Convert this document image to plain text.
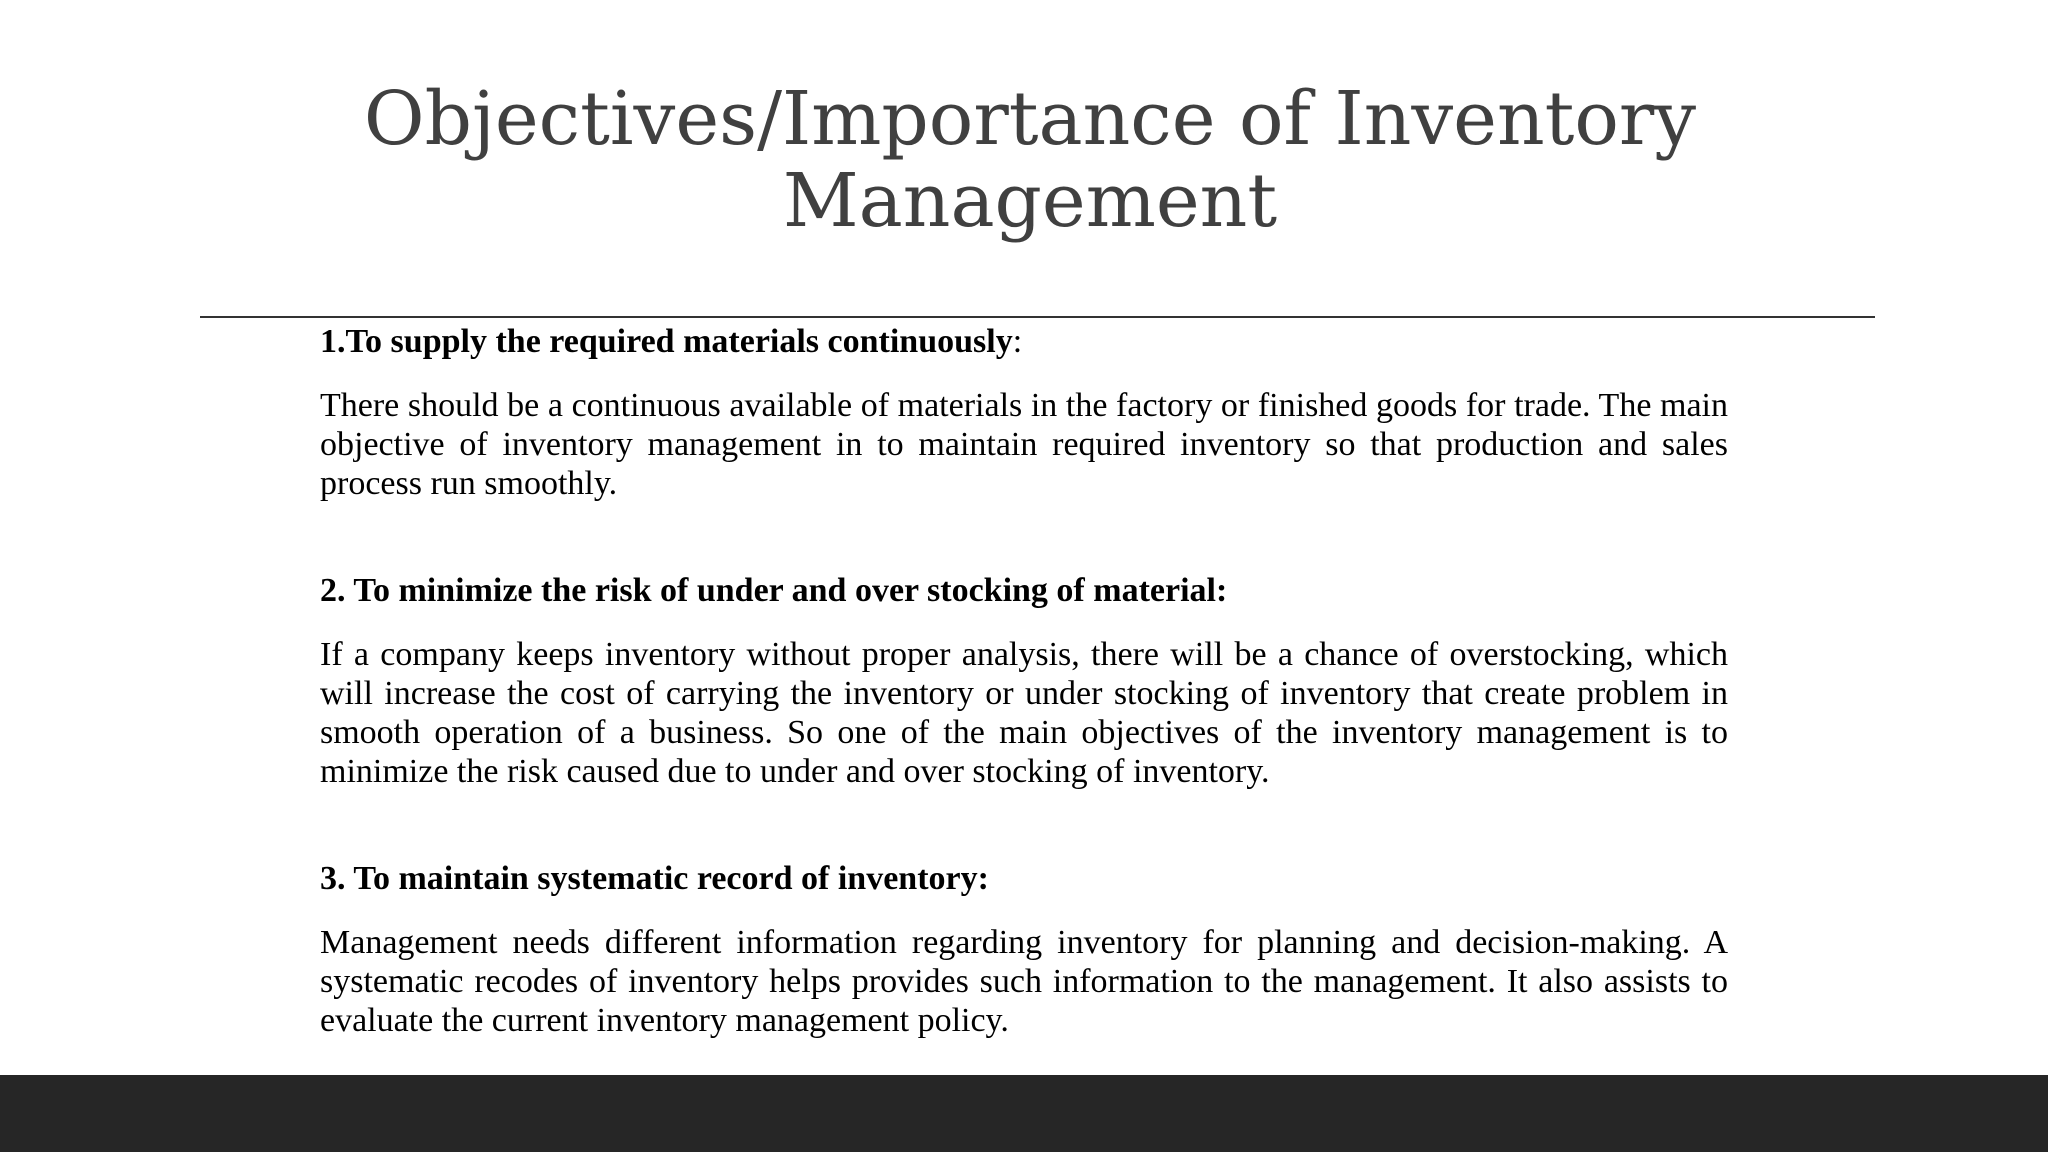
Objectives/Importance of Inventory
Management

1.To supply the required materials continuously:

There should be a continuous available of materials in the factory or finished goods for trade. The main objective of inventory management in to maintain required inventory so that production and sales process run smoothly.

2. To minimize the risk of under and over stocking of material:

If a company keeps inventory without proper analysis, there will be a chance of overstocking, which will increase the cost of carrying the inventory or under stocking of inventory that create problem in smooth operation of a business. So one of the main objectives of the inventory management is to minimize the risk caused due to under and over stocking of inventory.

3. To maintain systematic record of inventory:

Management needs different information regarding inventory for planning and decision-making. A systematic recodes of inventory helps provides such information to the management. It also assists to evaluate the current inventory management policy.
